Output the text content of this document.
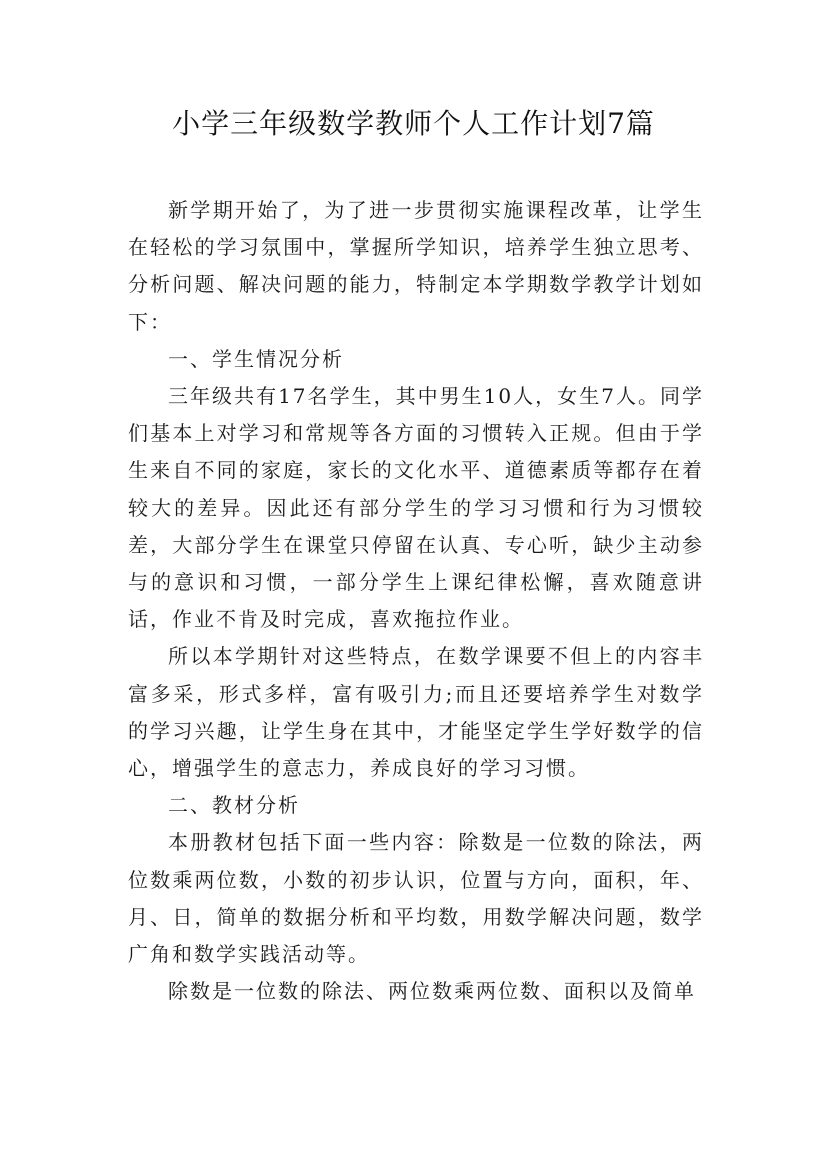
小学三年级数学教师个人工作计划7篇

新学期开始了，为了进一步贯彻实施课程改革，让学生在轻松的学习氛围中，掌握所学知识，培养学生独立思考、分析问题、解决问题的能力，特制定本学期数学教学计划如下：

一、学生情况分析

三年级共有17名学生，其中男生10人，女生7人。同学们基本上对学习和常规等各方面的习惯转入正规。但由于学生来自不同的家庭，家长的文化水平、道德素质等都存在着较大的差异。因此还有部分学生的学习习惯和行为习惯较差，大部分学生在课堂只停留在认真、专心听，缺少主动参与的意识和习惯，一部分学生上课纪律松懈，喜欢随意讲话，作业不肯及时完成，喜欢拖拉作业。

所以本学期针对这些特点，在数学课要不但上的内容丰富多采，形式多样，富有吸引力;而且还要培养学生对数学的学习兴趣，让学生身在其中，才能坚定学生学好数学的信心，增强学生的意志力，养成良好的学习习惯。

二、教材分析

本册教材包括下面一些内容：除数是一位数的除法，两位数乘两位数，小数的初步认识，位置与方向，面积，年、月、日，简单的数据分析和平均数，用数学解决问题，数学广角和数学实践活动等。

除数是一位数的除法、两位数乘两位数、面积以及简单
